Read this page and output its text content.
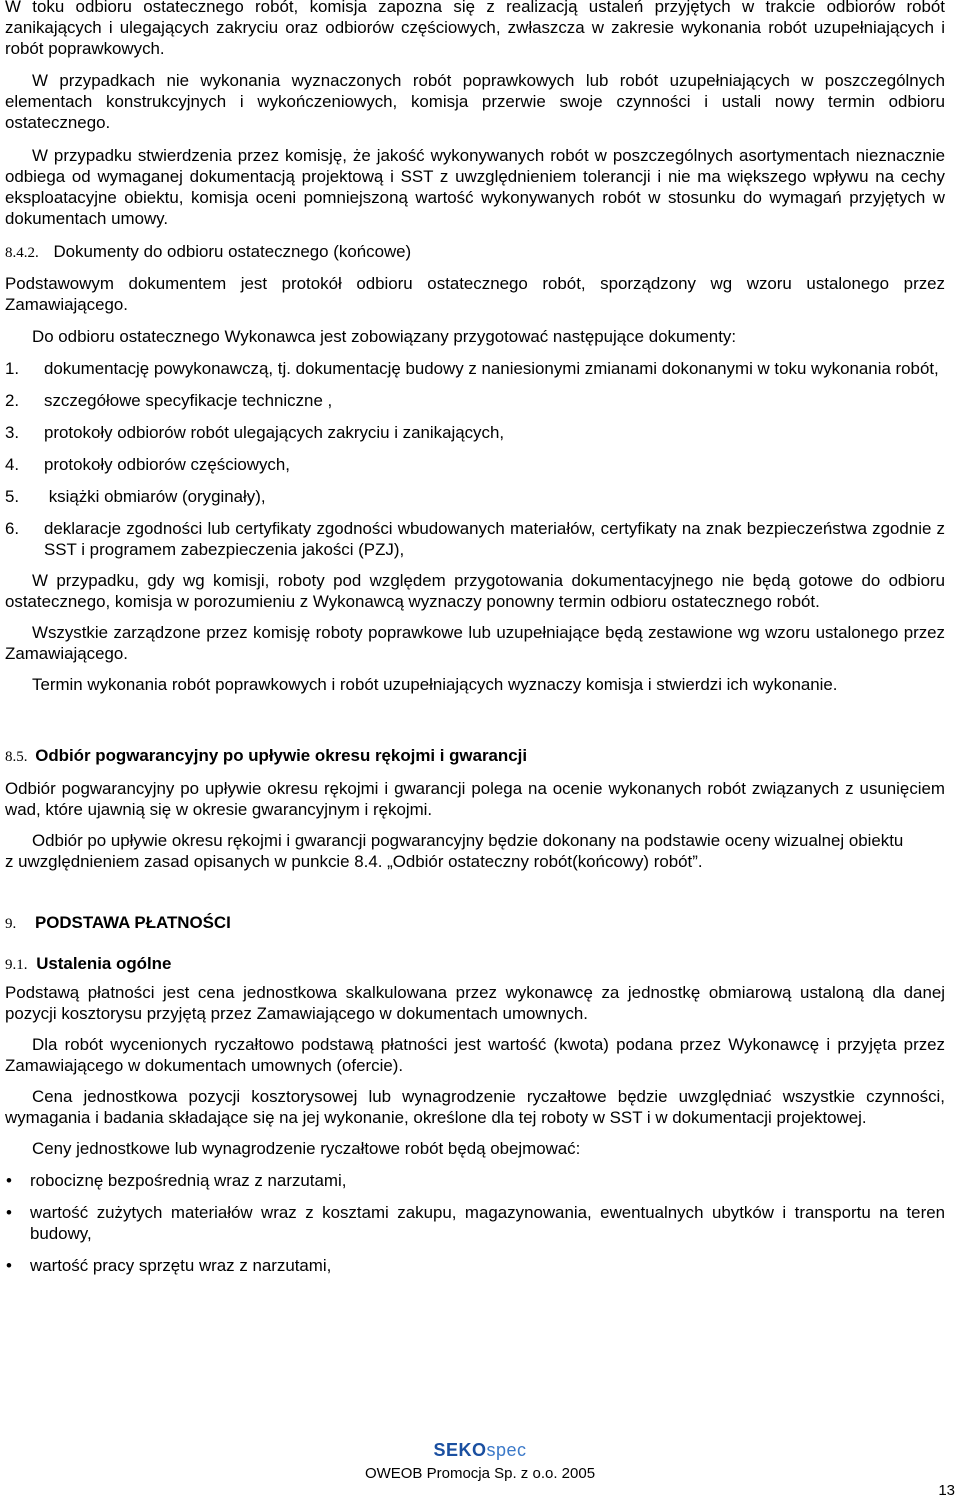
W toku odbioru ostatecznego robót, komisja zapozna się z realizacją ustaleń przyjętych w trakcie odbiorów robót zanikających i ulegających zakryciu oraz odbiorów częściowych, zwłaszcza w zakresie wykonania robót uzupełniających i robót poprawkowych.

W przypadkach nie wykonania wyznaczonych robót poprawkowych lub robót uzupełniających w poszczególnych elementach konstrukcyjnych i wykończeniowych, komisja przerwie swoje czynności i ustali nowy termin odbioru ostatecznego.

W przypadku stwierdzenia przez komisję, że jakość wykonywanych robót w poszczególnych asortymentach nieznacznie odbiega od wymaganej dokumentacją projektową i SST z uwzględnieniem tolerancji i nie ma większego wpływu na cechy eksploatacyjne obiektu, komisja oceni pomniejszoną wartość wykonywanych robót w stosunku do wymagań przyjętych w dokumentach umowy.

8.4.2. Dokumenty do odbioru ostatecznego (końcowe)

Podstawowym dokumentem jest protokół odbioru ostatecznego robót, sporządzony wg wzoru ustalonego przez Zamawiającego.

Do odbioru ostatecznego Wykonawca jest zobowiązany przygotować następujące dokumenty:

1. dokumentację powykonawczą, tj. dokumentację budowy z naniesionymi zmianami dokonanymi w toku wykonania robót,
2. szczegółowe specyfikacje techniczne ,
3. protokoły odbiorów robót ulegających zakryciu i zanikających,
4. protokoły odbiorów częściowych,
5. książki obmiarów (oryginały),
6. deklaracje zgodności lub certyfikaty zgodności wbudowanych materiałów, certyfikaty na znak bezpieczeństwa zgodnie z SST i programem zabezpieczenia jakości (PZJ),

W przypadku, gdy wg komisji, roboty pod względem przygotowania dokumentacyjnego nie będą gotowe do odbioru ostatecznego, komisja w porozumieniu z Wykonawcą wyznaczy ponowny termin odbioru ostatecznego robót.

Wszystkie zarządzone przez komisję roboty poprawkowe lub uzupełniające będą zestawione wg wzoru ustalonego przez Zamawiającego.

Termin wykonania robót poprawkowych i robót uzupełniających wyznaczy komisja i stwierdzi ich wykonanie.

8.5. Odbiór pogwarancyjny po upływie okresu rękojmi i gwarancji

Odbiór pogwarancyjny po upływie okresu rękojmi i gwarancji polega na ocenie wykonanych robót związanych z usunięciem wad, które ujawnią się w okresie gwarancyjnym i rękojmi.

Odbiór po upływie okresu rękojmi i gwarancji pogwarancyjny będzie dokonany na podstawie oceny wizualnej obiektu

z uwzględnieniem zasad opisanych w punkcie 8.4. „Odbiór ostateczny robót(końcowy) robót”.

9. PODSTAWA PŁATNOŚCI

9.1. Ustalenia ogólne

Podstawą płatności jest cena jednostkowa skalkulowana przez wykonawcę za jednostkę obmiarową ustaloną dla danej pozycji kosztorysu przyjętą przez Zamawiającego w dokumentach umownych.

Dla robót wycenionych ryczałtowo podstawą płatności jest wartość (kwota) podana przez Wykonawcę i przyjęta przez Zamawiającego w dokumentach umownych (ofercie).

Cena jednostkowa pozycji kosztorysowej lub wynagrodzenie ryczałtowe będzie uwzględniać wszystkie czynności, wymagania i badania składające się na jej wykonanie, określone dla tej roboty w SST i w dokumentacji projektowej.

Ceny jednostkowe lub wynagrodzenie ryczałtowe robót będą obejmować:

• robociznę bezpośrednią wraz z narzutami,
• wartość zużytych materiałów wraz z kosztami zakupu, magazynowania, ewentualnych ubytków i transportu na teren budowy,
• wartość pracy sprzętu wraz z narzutami,
SEKOspec
OWEOB Promocja Sp. z o.o. 2005
13
